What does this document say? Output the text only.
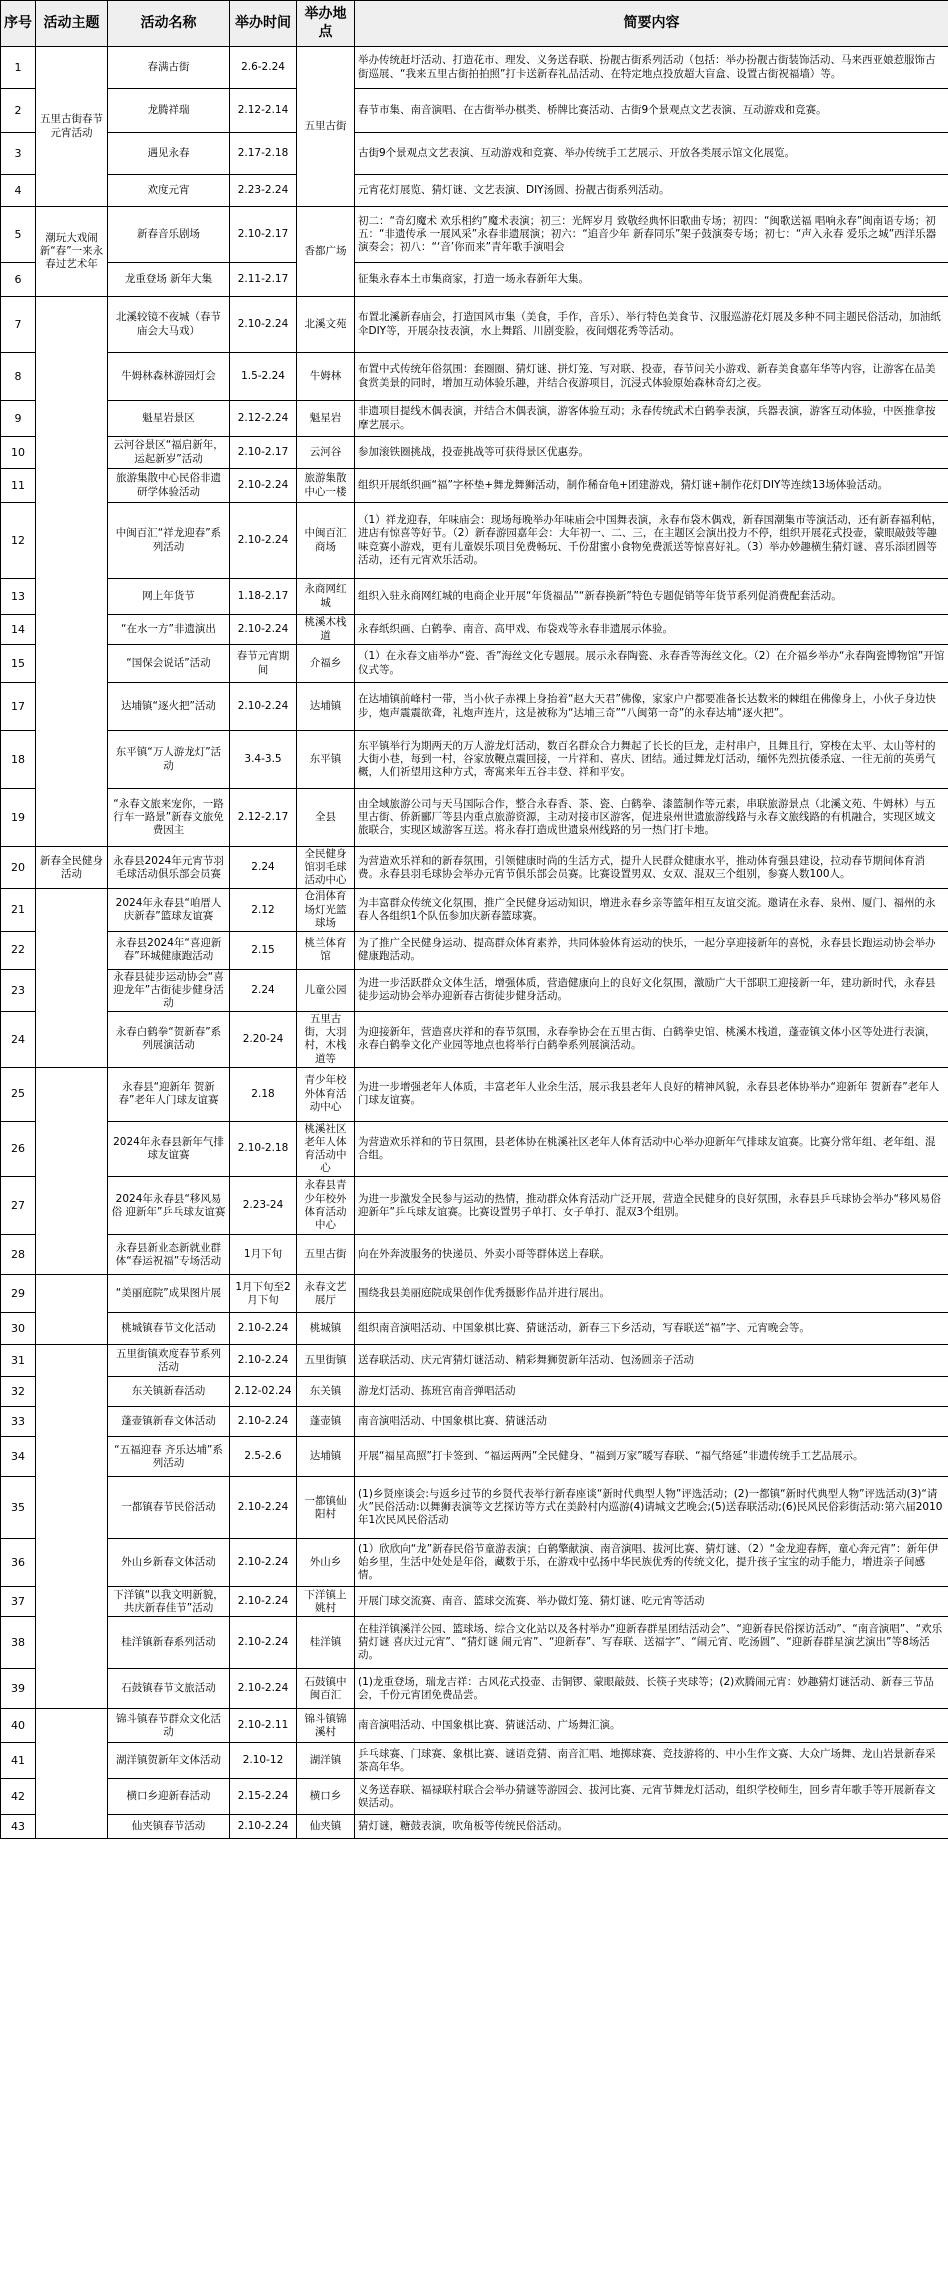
序号	活动主题	活动名称	举办时间	举办地点	简要内容
1	五里古街春节元宵活动	春满古街	2.6-2.24	五里古街	举办传统赶圩活动、打造花市、理发、义务送春联、扮靓古街系列活动（包括：举办扮靓古街装饰活动、马来西亚娘惹服饰古街巡展、“我来五里古街拍拍照”打卡送新春礼品活动、在特定地点投放超大盲盒、设置古街祝福墙）等。
2		龙腾祥瑞	2.12-2.14		春节市集、南音演唱、在古街举办棋类、桥牌比赛活动、古街9个景观点文艺表演、互动游戏和竞赛。
3		遇见永春	2.17-2.18		古街9个景观点文艺表演、互动游戏和竞赛、举办传统手工艺展示、开放各类展示馆文化展览。
4		欢度元宵	2.23-2.24		元宵花灯展览、猜灯谜、文艺表演、DIY汤圆、扮靓古街系列活动。
5	潮玩大戏闹新“春”一来永春过艺术年	新春音乐剧场	2.10-2.17	香都广场	初二：“奇幻魔术 欢乐相约”魔术表演；初三：光辉岁月 致敬经典怀旧歌曲专场；初四：“闽歌送福 唱响永春”闽南语专场；初五：“非遗传承 一展风采”永春非遗展演；初六：“追音少年 新春同乐”架子鼓演奏专场；初七：“声入永春 爱乐之城”西洋乐器演奏会；初八：“‘音’你而来”青年歌手演唱会
6		龙重登场 新年大集	2.11-2.17		征集永春本土市集商家，打造一场永春新年大集。
7		北溪较镜不夜城（春节庙会大马戏）	2.10-2.24	北溪文苑	布置北溪新春庙会，打造国风市集（美食，手作，音乐）、举行特色美食节、汉服巡游花灯展及多种不同主题民俗活动，加油纸伞DIY等，开展杂技表演，水上舞蹈、川剧变脸，夜间烟花秀等活动。
8		牛姆林森林游园灯会	1.5-2.24	牛姆林	布置中式传统年俗氛围：套圈圈、猜灯谜、拼灯笼、写对联、投壶，春节问关小游戏、新春美食嘉年华等内容，让游客在品美食赏美景的同时，增加互动体验乐趣，并结合夜游项目，沉浸式体验原始森林奇幻之夜。
9		魁星岩景区	2.12-2.24	魁星岩	非遗项目提线木偶表演，并结合木偶表演，游客体验互动；永春传统武术白鹤拳表演，兵器表演，游客互动体验，中医推拿按摩艺展示。
10		云河谷景区“福启新年，运起新岁”活动	2.10-2.17	云河谷	参加滚铁圈挑战，投壶挑战等可获得景区优惠券。
11		旅游集散中心民俗非遗研学体验活动	2.10-2.24	旅游集散中心一楼	组织开展纸织画“福”字杯垫+舞龙舞狮活动，制作稀奋龟+团建游戏，猜灯谜+制作花灯DIY等连续13场体验活动。
12		中闽百汇“祥龙迎春”系列活动	2.10-2.24	中闽百汇商场	（1）祥龙迎春，年味庙会：现场每晚举办年味庙会中国舞表演，永春布袋木偶戏，新春国潮集市等演活动，还有新春福利帖，进店有惊喜等好节。（2）新春游园嘉年会：大年初一、二、三，在主题区会演出投力不停，组织开展花式投壶，蒙眼敲鼓等趣味竞赛小游戏，更有儿童娱乐项目免费畅玩、千份甜蜜小食物免费派送等惊喜好礼。（3）举办妙趣横生猜灯谜、喜乐添团圆等活动，还有元宵欢乐活动。
13		网上年货节	1.18-2.17	永商网红城	组织入驻永商网红城的电商企业开展“年货福品”“新春换新”特色专题促销等年货节系列促消费配套活动。
14		“在水一方”非遗演出	2.10-2.24	桃溪木栈道	永春纸织画、白鹤拳、南音、高甲戏、布袋戏等永春非遗展示体验。
15		“国保会说话”活动	春节元宵期间	介福乡	（1）在永春文庙举办“瓷、香”海丝文化专题展。展示永春陶瓷、永春香等海丝文化。（2）在介福乡举办“永春陶瓷博物馆”开馆仪式等。
17		达埔镇“逐火把”活动	2.10-2.24	达埔镇	在达埔镇前峰村一带，当小伙子赤裸上身抬着“赵大天君”佛像，家家户户都要准备长达数米的棘组在佛像身上，小伙子身边快步，炮声震震欲聋，礼炮声连片，这是被称为“达埔三奇”“八闽第一奇”的永春达埔“逐火把”。
18		东平镇“万人游龙灯”活动	3.4-3.5	东平镇	东平镇举行为期两天的万人游龙灯活动，数百名群众合力舞起了长长的巨龙，走村串户，且舞且行，穿梭在太平、太山等村的大街小巷，每到一村，谷家放鞭点震回接，一片祥和、喜庆、团结。通过舞龙灯活动，缅怀先烈抗倭杀寇、一往无前的英勇气概，人们祈望用这种方式，寄寓来年五谷丰登、祥和平安。
19		“永春文旅来宠你，一路行车一路景”新春文旅免费因主	2.12-2.17	全县	由全域旅游公司与天马国际合作，整合永春香、茶、瓷、白鹤拳、漆篮制作等元素，串联旅游景点（北溪文苑、牛姆林）与五里古街、侨新郦厂等县内重点旅游资源，主动对接市区游客，促进泉州世遗旅游线路与永春文旅线路的有机融合，实现区域文旅联合，实现区域游客互送。将永春打造成世遗泉州线路的另一热门打卡地。
20	新春全民健身活动	永春县2024年元宵节羽毛球活动俱乐部会员赛	2.24	全民健身馆羽毛球活动中心	为营造欢乐祥和的新春氛围，引领健康时尚的生活方式，提升人民群众健康水平，推动体育强县建设，拉动春节期间体育消费。永春县羽毛球协会举办元宵节俱乐部会员赛。比赛设置男双、女双、混双三个组别，参赛人数100人。
21		2024年永春县“咱厝人 庆新春”篮球友谊赛	2.12	仓涓体育场灯光篮球场	为丰富群众传统文化氛围，推广全民健身运动知识，增进永春乡亲等篮年相互友谊交流。邀请在永春、泉州、厦门、福州的永春人各组织1个队伍参加庆新春篮球赛。
22		永春县2024年“喜迎新春”环城健康跑活动	2.15	桃兰体育馆	为了推广全民健身运动、提高群众体育素养，共同体验体育运动的快乐，一起分享迎接新年的喜悦，永春县长跑运动协会举办健康跑活动。
23		永春县徒步运动协会“喜迎龙年”古街徒步健身活动	2.24	儿童公园	为进一步活跃群众文体生活，增强体质，营造健康向上的良好文化氛围，激励广大干部职工迎接新一年，建功新时代，永春县徒步运动协会举办迎新春古街徒步健身活动。
24		永春白鹤拳“贺新春”系列展演活动	2.20-24	五里古街，大羽村，木栈道等	为迎接新年，营造喜庆祥和的春节氛围，永春拳协会在五里古街、白鹤拳史馆、桃溪木栈道，蓬壶镇文体小区等处进行表演，永春白鹤拳文化产业园等地点也将举行白鹤拳系列展演活动。
25		永春县“迎新年 贺新春”老年人门球友谊赛	2.18	青少年校外体育活动中心	为进一步增强老年人体质，丰富老年人业余生活，展示我县老年人良好的精神风貌，永春县老体协举办“迎新年 贺新春”老年人门球友谊赛。
26		2024年永春县新年气排球友谊赛	2.10-2.18	桃溪社区老年人体育活动中心	为营造欢乐祥和的节日氛围，县老体协在桃溪社区老年人体育活动中心举办迎新年气排球友谊赛。比赛分常年组、老年组、混合组。
27		2024年永春县“移风易俗 迎新年”乒乓球友谊赛	2.23-24	永春县青少年校外体育活动中心	为进一步激发全民参与运动的热情，推动群众体育活动广泛开展，营造全民健身的良好氛围，永春县乒乓球协会举办“移风易俗 迎新年”乒乓球友谊赛。比赛设置男子单打、女子单打、混双3个组别。
28		永春县新业态新就业群体“春运祝福”专场活动	1月下旬	五里古街	向在外奔波服务的快递员、外卖小哥等群体送上春联。
29		“美丽庭院”成果图片展	1月下旬至2月下旬	永春文艺展厅	围绕我县美丽庭院成果创作优秀摄影作品并进行展出。
30		桃城镇春节文化活动	2.10-2.24	桃城镇	组织南音演唱活动、中国象棋比赛、猜谜活动，新春三下乡活动，写春联送“福”字、元宵晚会等。
31		五里街镇欢度春节系列活动	2.10-2.24	五里街镇	送春联活动、庆元宵猜灯谜活动、精彩舞狮贺新年活动、包汤圆亲子活动
32		东关镇新春活动	2.12-02.24	东关镇	游龙灯活动、拣班宫南音弹唱活动
33		蓬壶镇新春文体活动	2.10-2.24	蓬壶镇	南音演唱活动、中国象棋比赛、猜谜活动
34		“五福迎春 齐乐达埔”系列活动	2.5-2.6	达埔镇	开展“福星高照”打卡签到、“福运两两”全民健身、“福到万家”暖写春联、“福气络延”非遗传统手工艺品展示。
35		一都镇春节民俗活动	2.10-2.24	一都镇仙阳村	(1)乡贤座谈会:与返乡过节的乡贤代表举行新春座谈“新时代典型人物”评选活动；(2)一都镇“新时代典型人物”评选活动(3)“请火”民俗活动:以舞狮表演等文艺探访等方式在美龄村内巡游(4)请城文艺晚会;(5)送春联活动;(6)民风民俗彩街活动:第六届2010年1次民风民俗活动
36		外山乡新春文体活动	2.10-2.24	外山乡	(1）欣欣向“龙”新春民俗节童游表演；白鹤擎献演、南音演唱、拔河比赛、猜灯谜、（2）“金龙迎春辉，童心奔元宵”：新年伊始乡里，生活中处处是年俗，藏数于乐，在游戏中弘扬中华民族优秀的传统文化，提升孩子宝宝的动手能力，增进亲子间感情。
37		下洋镇“以我文明新貌，共庆新春佳节”活动	2.10-2.24	下洋镇上姚村	开展门球交流赛、南音、篮球交流赛、举办做灯笼、猜灯谜、吃元宵等活动
38		桂洋镇新春系列活动	2.10-2.24	桂洋镇	在桂洋镇溪洋公园、篮球场、综合文化站以及各村举办“迎新春群星团结活动会”、“迎新春民俗探访活动”、“南音演唱”、“欢乐猜灯谜 喜庆过元宵”、“猜灯谜 闹元宵”、“迎新春”、写春联、送福字”、“闹元宵、吃汤圆”、“迎新春群星演艺演出”等8场活动。
39		石鼓镇春节文旅活动	2.10-2.24	石鼓镇中闽百汇	(1)龙重登场，瑞龙吉祥：古风花式投壶、击铜锣、蒙眼敲鼓、长筷子夹球等；(2)欢腾闹元宵：妙趣猜灯谜活动、新春三节品会，千份元宵团免费品尝。
40		锦斗镇春节群众文化活动	2.10-2.11	锦斗镇锦溪村	南音演唱活动、中国象棋比赛、猜谜活动、广场舞汇演。
41		湖洋镇贺新年文体活动	2.10-12	湖洋镇	乒乓球赛、门球赛、象棋比赛、谜语竞猜、南音汇唱、地掷球赛、竞技游将的、中小生作文赛、大众广场舞、龙山岩景新春采茶高年华。
42		横口乡迎新春活动	2.15-2.24	横口乡	义务送春联、福禄联村联合会举办猜谜等游园会、拔河比赛、元宵节舞龙灯活动，组织学校师生，回乡青年歌手等开展新春文娱活动。
43		仙夹镇春节活动	2.10-2.24	仙夹镇	猜灯谜，糖鼓表演，吹角板等传统民俗活动。
